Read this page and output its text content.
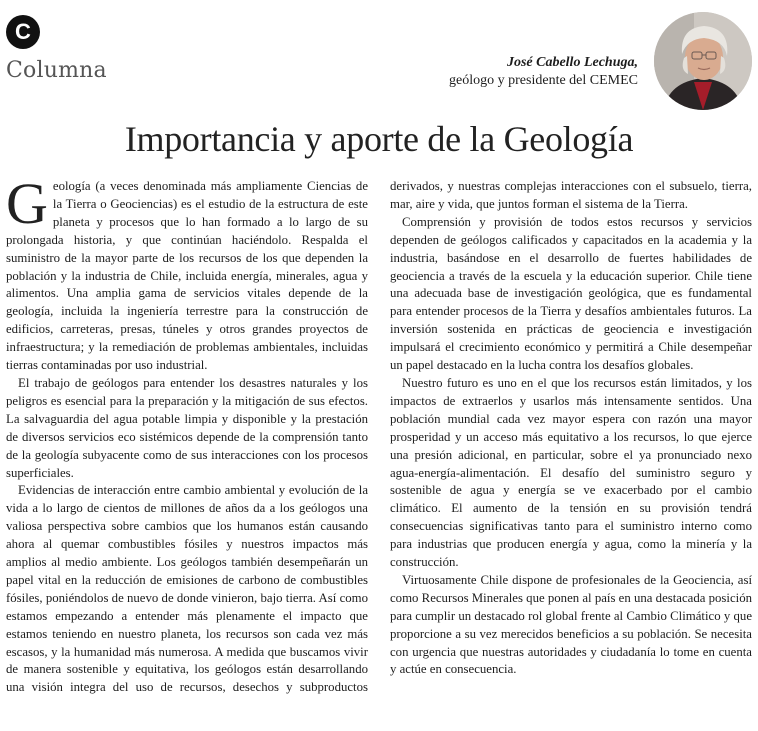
C
Columna	José Cabello Lechuga,
geólogo y presidente del CEMEC
Importancia y aporte de la Geología

Geología (a veces denominada más ampliamente Ciencias de la Tierra o Geociencias) es el estudio de la estructura de este planeta y procesos que lo han formado a lo largo de su prolongada historia, y que continúan haciéndolo. Respalda el suministro de la mayor parte de los recursos de los que dependen la población y la industria de Chile, incluida energía, minerales, agua y alimentos. Una amplia gama de servicios vitales depende de la geología, incluida la ingeniería terrestre para la construcción de edificios, carreteras, presas, túneles y otros grandes proyectos de infraestructura; y la remediación de problemas ambientales, incluidas tierras contaminadas por uso industrial.

El trabajo de geólogos para entender los desastres naturales y los peligros es esencial para la preparación y la mitigación de sus efectos. La salvaguardia del agua potable limpia y disponible y la prestación de diversos servicios eco sistémicos depende de la comprensión tanto de la geología subyacente como de sus interacciones con los procesos superficiales.

Evidencias de interacción entre cambio ambiental y evolución de la vida a lo largo de cientos de millones de años da a los geólogos una valiosa perspectiva sobre cambios que los humanos están causando ahora al quemar combustibles fósiles y nuestros impactos más amplios al medio ambiente. Los geólogos también desempeñarán un papel vital en la reducción de emisiones de carbono de combustibles fósiles, poniéndolos de nuevo de donde vinieron, bajo tierra. Así como estamos empezando a entender más plenamente el impacto que estamos teniendo en nuestro planeta, los recursos son cada vez más escasos, y la humanidad más numerosa. A medida que buscamos vivir de manera sostenible y equitativa, los geólogos están desarrollando una visión integra del uso de recursos, desechos y subproductos derivados, y nuestras complejas interacciones con el subsuelo, tierra, mar, aire y vida, que juntos forman el sistema de la Tierra.

Comprensión y provisión de todos estos recursos y servicios dependen de geólogos calificados y capacitados en la academia y la industria, basándose en el desarrollo de fuertes habilidades de geociencia a través de la escuela y la educación superior. Chile tiene una adecuada base de investigación geológica, que es fundamental para entender procesos de la Tierra y desafíos ambientales futuros. La inversión sostenida en prácticas de geociencia e investigación impulsará el crecimiento económico y permitirá a Chile desempeñar un papel destacado en la lucha contra los desafíos globales.

Nuestro futuro es uno en el que los recursos están limitados, y los impactos de extraerlos y usarlos más intensamente sentidos. Una población mundial cada vez mayor espera con razón una mayor prosperidad y un acceso más equitativo a los recursos, lo que ejerce una presión adicional, en particular, sobre el ya pronunciado nexo agua-energía-alimentación. El desafío del suministro seguro y sostenible de agua y energía se ve exacerbado por el cambio climático. El aumento de la tensión en su provisión tendrá consecuencias significativas tanto para el suministro interno como para industrias que producen energía y agua, como la minería y la construcción.

Virtuosamente Chile dispone de profesionales de la Geociencia, así como Recursos Minerales que ponen al país en una destacada posición para cumplir un destacado rol global frente al Cambio Climático y que proporcione a su vez merecidos beneficios a su población. Se necesita con urgencia que nuestras autoridades y ciudadanía lo tome en cuenta y actúe en consecuencia.
